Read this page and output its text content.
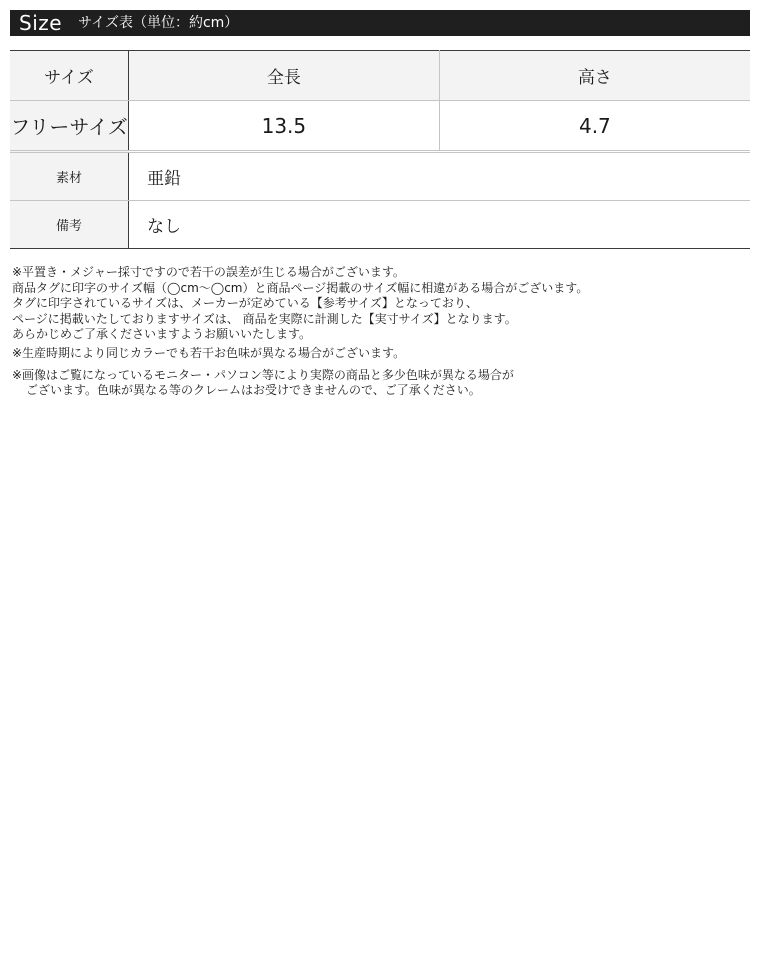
Size サイズ表（単位：約cm）
サイズ	全長	高さ
フリーサイズ	13.5	4.7
素材	亜鉛
備考	なし

※平置き・メジャー採寸ですので若干の誤差が生じる場合がございます。

商品タグに印字のサイズ幅（◯cm〜◯cm）と商品ページ掲載のサイズ幅に相違がある場合がございます。

タグに印字されているサイズは、メーカーが定めている【参考サイズ】となっており、

ページに掲載いたしておりますサイズは、 商品を実際に計測した【実寸サイズ】となります。

あらかじめご了承くださいますようお願いいたします。

※生産時期により同じカラーでも若干お色味が異なる場合がございます。

※画像はご覧になっているモニター・パソコン等により実際の商品と多少色味が異なる場合が

ございます。色味が異なる等のクレームはお受けできませんので、ご了承ください。
